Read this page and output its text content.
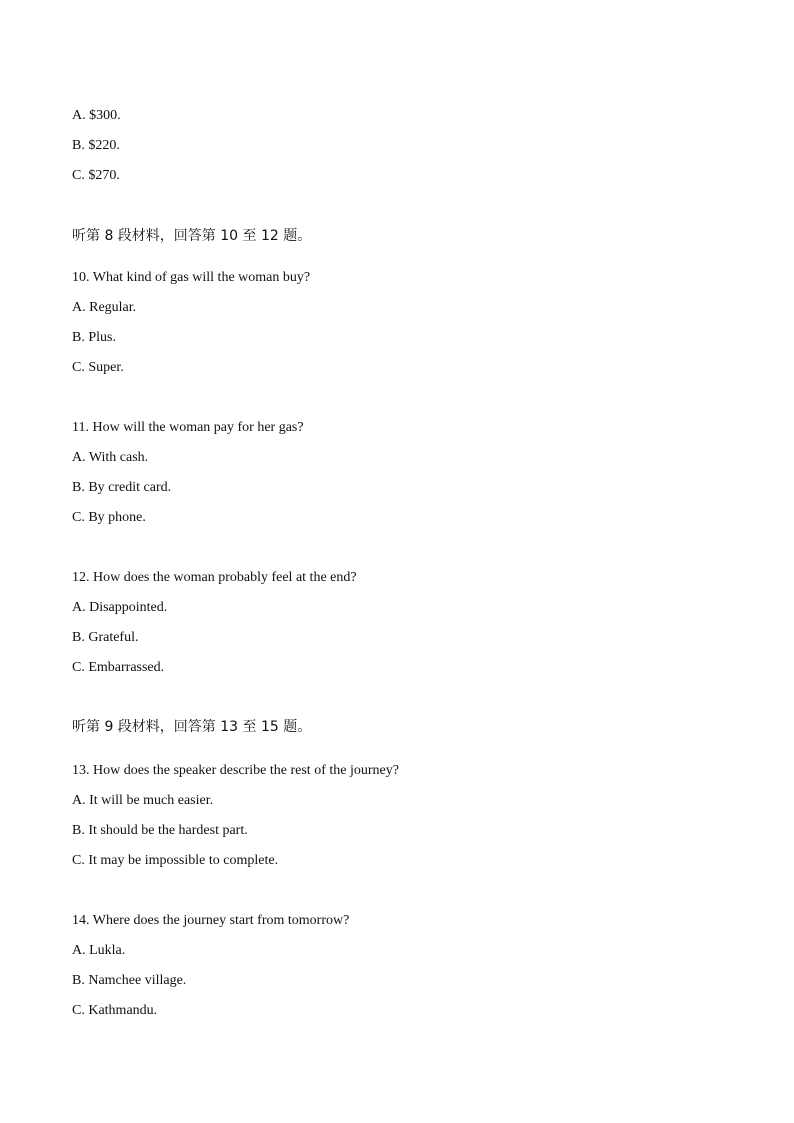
A. $300.

B. $220.

C. $270.

听第 8 段材料，回答第 10 至 12 题。

10. What kind of gas will the woman buy?

A. Regular.

B. Plus.

C. Super.

11. How will the woman pay for her gas?

A. With cash.

B. By credit card.

C. By phone.

12. How does the woman probably feel at the end?

A. Disappointed.

B. Grateful.

C. Embarrassed.

听第 9 段材料，回答第 13 至 15 题。

13. How does the speaker describe the rest of the journey?

A. It will be much easier.

B. It should be the hardest part.

C. It may be impossible to complete.

14. Where does the journey start from tomorrow?

A. Lukla.

B. Namchee village.

C. Kathmandu.
